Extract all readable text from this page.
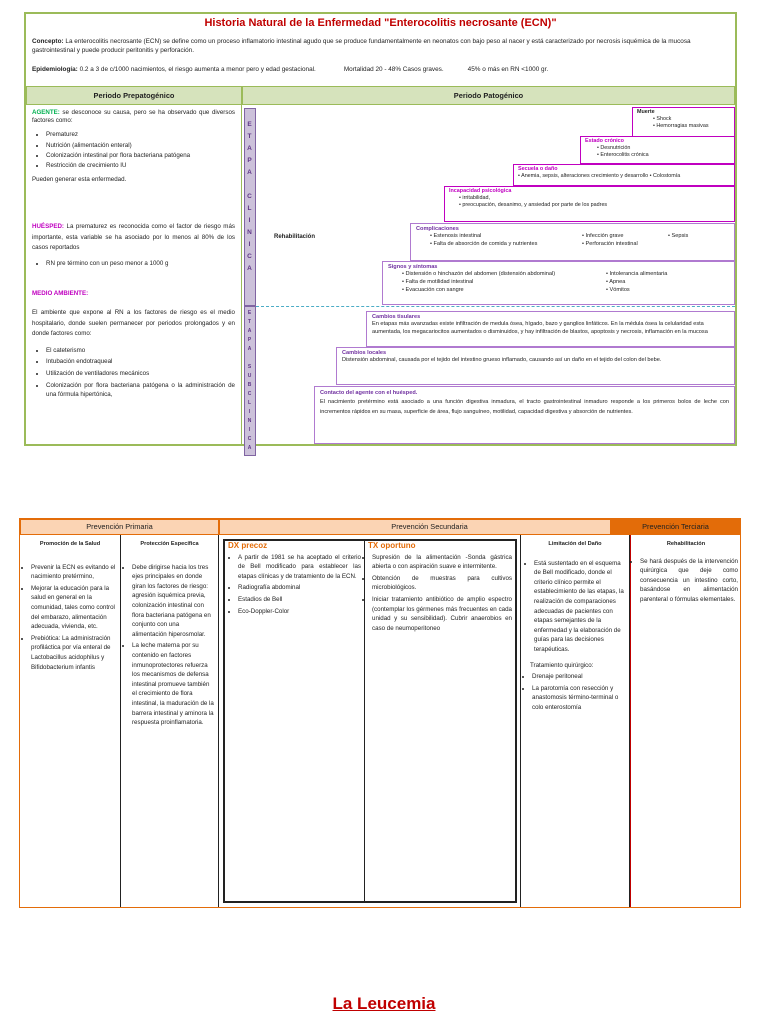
Historia Natural de la Enfermedad "Enterocolitis necrosante (ECN)"
Concepto: La enterocolitis necrosante (ECN) se define como un proceso inflamatorio intestinal agudo que se produce fundamentalmente en neonatos con bajo peso al nacer y está caracterizado por necrosis isquémica de la mucosa gastrointestinal y puede producir peritonitis y perforación.
Epidemiología: 0.2 a 3 de c/1000 nacimientos, el riesgo aumenta a menor pero y edad gestacional.	Mortalidad 20 - 48% Casos graves.	45% o más en RN <1000 gr.
Periodo Prepatogénico	Periodo Patogénico

AGENTE: se desconoce su causa, pero se ha observado que diversos factores como:

• Prematurez
• Nutrición (alimentación enteral)
• Colonización intestinal por flora bacteriana patógena
• Restricción de crecimiento IU

Pueden generar esta enfermedad.

HUÉSPED: La prematurez es reconocida como el factor de riesgo más importante, esta variable se ha asociado por lo menos al 80% de los casos reportados

• RN pre término con un peso menor a 1000 g

MEDIO AMBIENTE:

El ambiente que expone al RN a los factores de riesgo es el medio hospitalario, donde suelen permanecer por periodos prolongados y en donde factores como:

• El cateterismo
• Intubación endotraqueal
• Utilización de ventiladores mecánicos
• Colonización por flora bacteriana patógena o la administración de una fórmula hipertónica,
E
T
A
P
A

C
L
I
N
I
C
A
E
T
A
P
A

S
U
B
C
L
I
N
I
C
A
Rehabilitación
Muerte
• Shock
• Hemorragias masivas
Estado crónico
• Desnutrición
• Enterocolitis crónica
Secuela o daño
• Anemia, sepsis, alteraciones crecimiento y desarrollo • Colostomía
Incapacidad psicológica
• irritabilidad,
• preocupación, desanimo, y ansiedad por parte de los padres
Complicaciones
• Estenosis intestinal	• Infección grave	• Sepsis
• Falta de absorción de comida y nutrientes	• Perforación intestinal
Signos y síntomas
• Distensión o hinchazón del abdomen (distensión abdominal)	• Intolerancia alimentaria
• Falta de motilidad intestinal	• Apnea
• Evacuación con sangre	• Vómitos
Cambios tisulares
En etapas más avanzadas existe infiltración de medula ósea, hígado, bazo y ganglios linfáticos. En la médula ósea la celularidad esta aumentada, los megacariocitos aumentados o disminuidos, y hay infiltración de blastos, apoptosis y necrosis, inflamación en la mucosa
Cambios locales
Distensión abdominal, causada por el tejido del intestino grueso inflamado, causando así un daño en el tejido del colon del bebe.
Contacto del agente con el huésped.
El nacimiento pretérmino está asociado a una función digestiva inmadura, el tracto gastrointestinal inmaduro responde a los primeros bolos de leche con incrementos rápidos en su masa, superficie de área, flujo sanguíneo, motilidad, capacidad digestiva y absorción de nutrientes.
Prevención Primaria	Prevención Secundaria	Prevención Terciaria
Promoción de la Salud
• Prevenir la ECN es evitando el nacimiento pretérmino,
• Mejorar la educación para la salud en general en la comunidad, tales como control del embarazo, alimentación adecuada, vivienda, etc.
• Prebiótica: La administración profiláctica por vía enteral de Lactobacillus acidophilus y Bifidobacterium infantis
Protección Específica
• Debe dirigirse hacia los tres ejes principales en donde giran los factores de riesgo: agresión isquémica previa, colonización intestinal con flora bacteriana patógena en conjunto con una alimentación hiperosmolar.
• La leche materna por su contenido en factores inmunoprotectores refuerza los mecanismos de defensa intestinal promueve también el crecimiento de flora intestinal, la maduración de la barrera intestinal y aminora la respuesta proinflamatoria.
DX precoz
• A partir de 1981 se ha aceptado el criterio de Bell modificado para establecer las etapas clínicas y de tratamiento de la ECN.
• Radiografía abdominal
• Estadios de Bell
• Eco-Doppler-Color
TX oportuno
• Supresión de la alimentación -Sonda gástrica abierta o con aspiración suave e intermitente.
• Obtención de muestras para cultivos microbiológicos.
• Iniciar tratamiento antibiótico de amplio espectro (contemplar los gérmenes más frecuentes en cada unidad y su sensibilidad). Cubrir anaerobios en caso de neumoperitoneo
Limitación del Daño
• Está sustentado en el esquema de Bell modificado, donde el criterio clínico permite el establecimiento de las etapas, la realización de comparaciones adecuadas de pacientes con etapas semejantes de la enfermedad y la elaboración de guías para las decisiones terapéuticas.
Tratamiento quirúrgico:
• Drenaje peritoneal
• La parotomía con resección y anastomosis término-terminal o colo enterostomía
Rehabilitación
• Se hará después de la intervención quirúrgica que deje como consecuencia un intestino corto, basándose en alimentación parenteral o fórmulas elementales.
La Leucemia
